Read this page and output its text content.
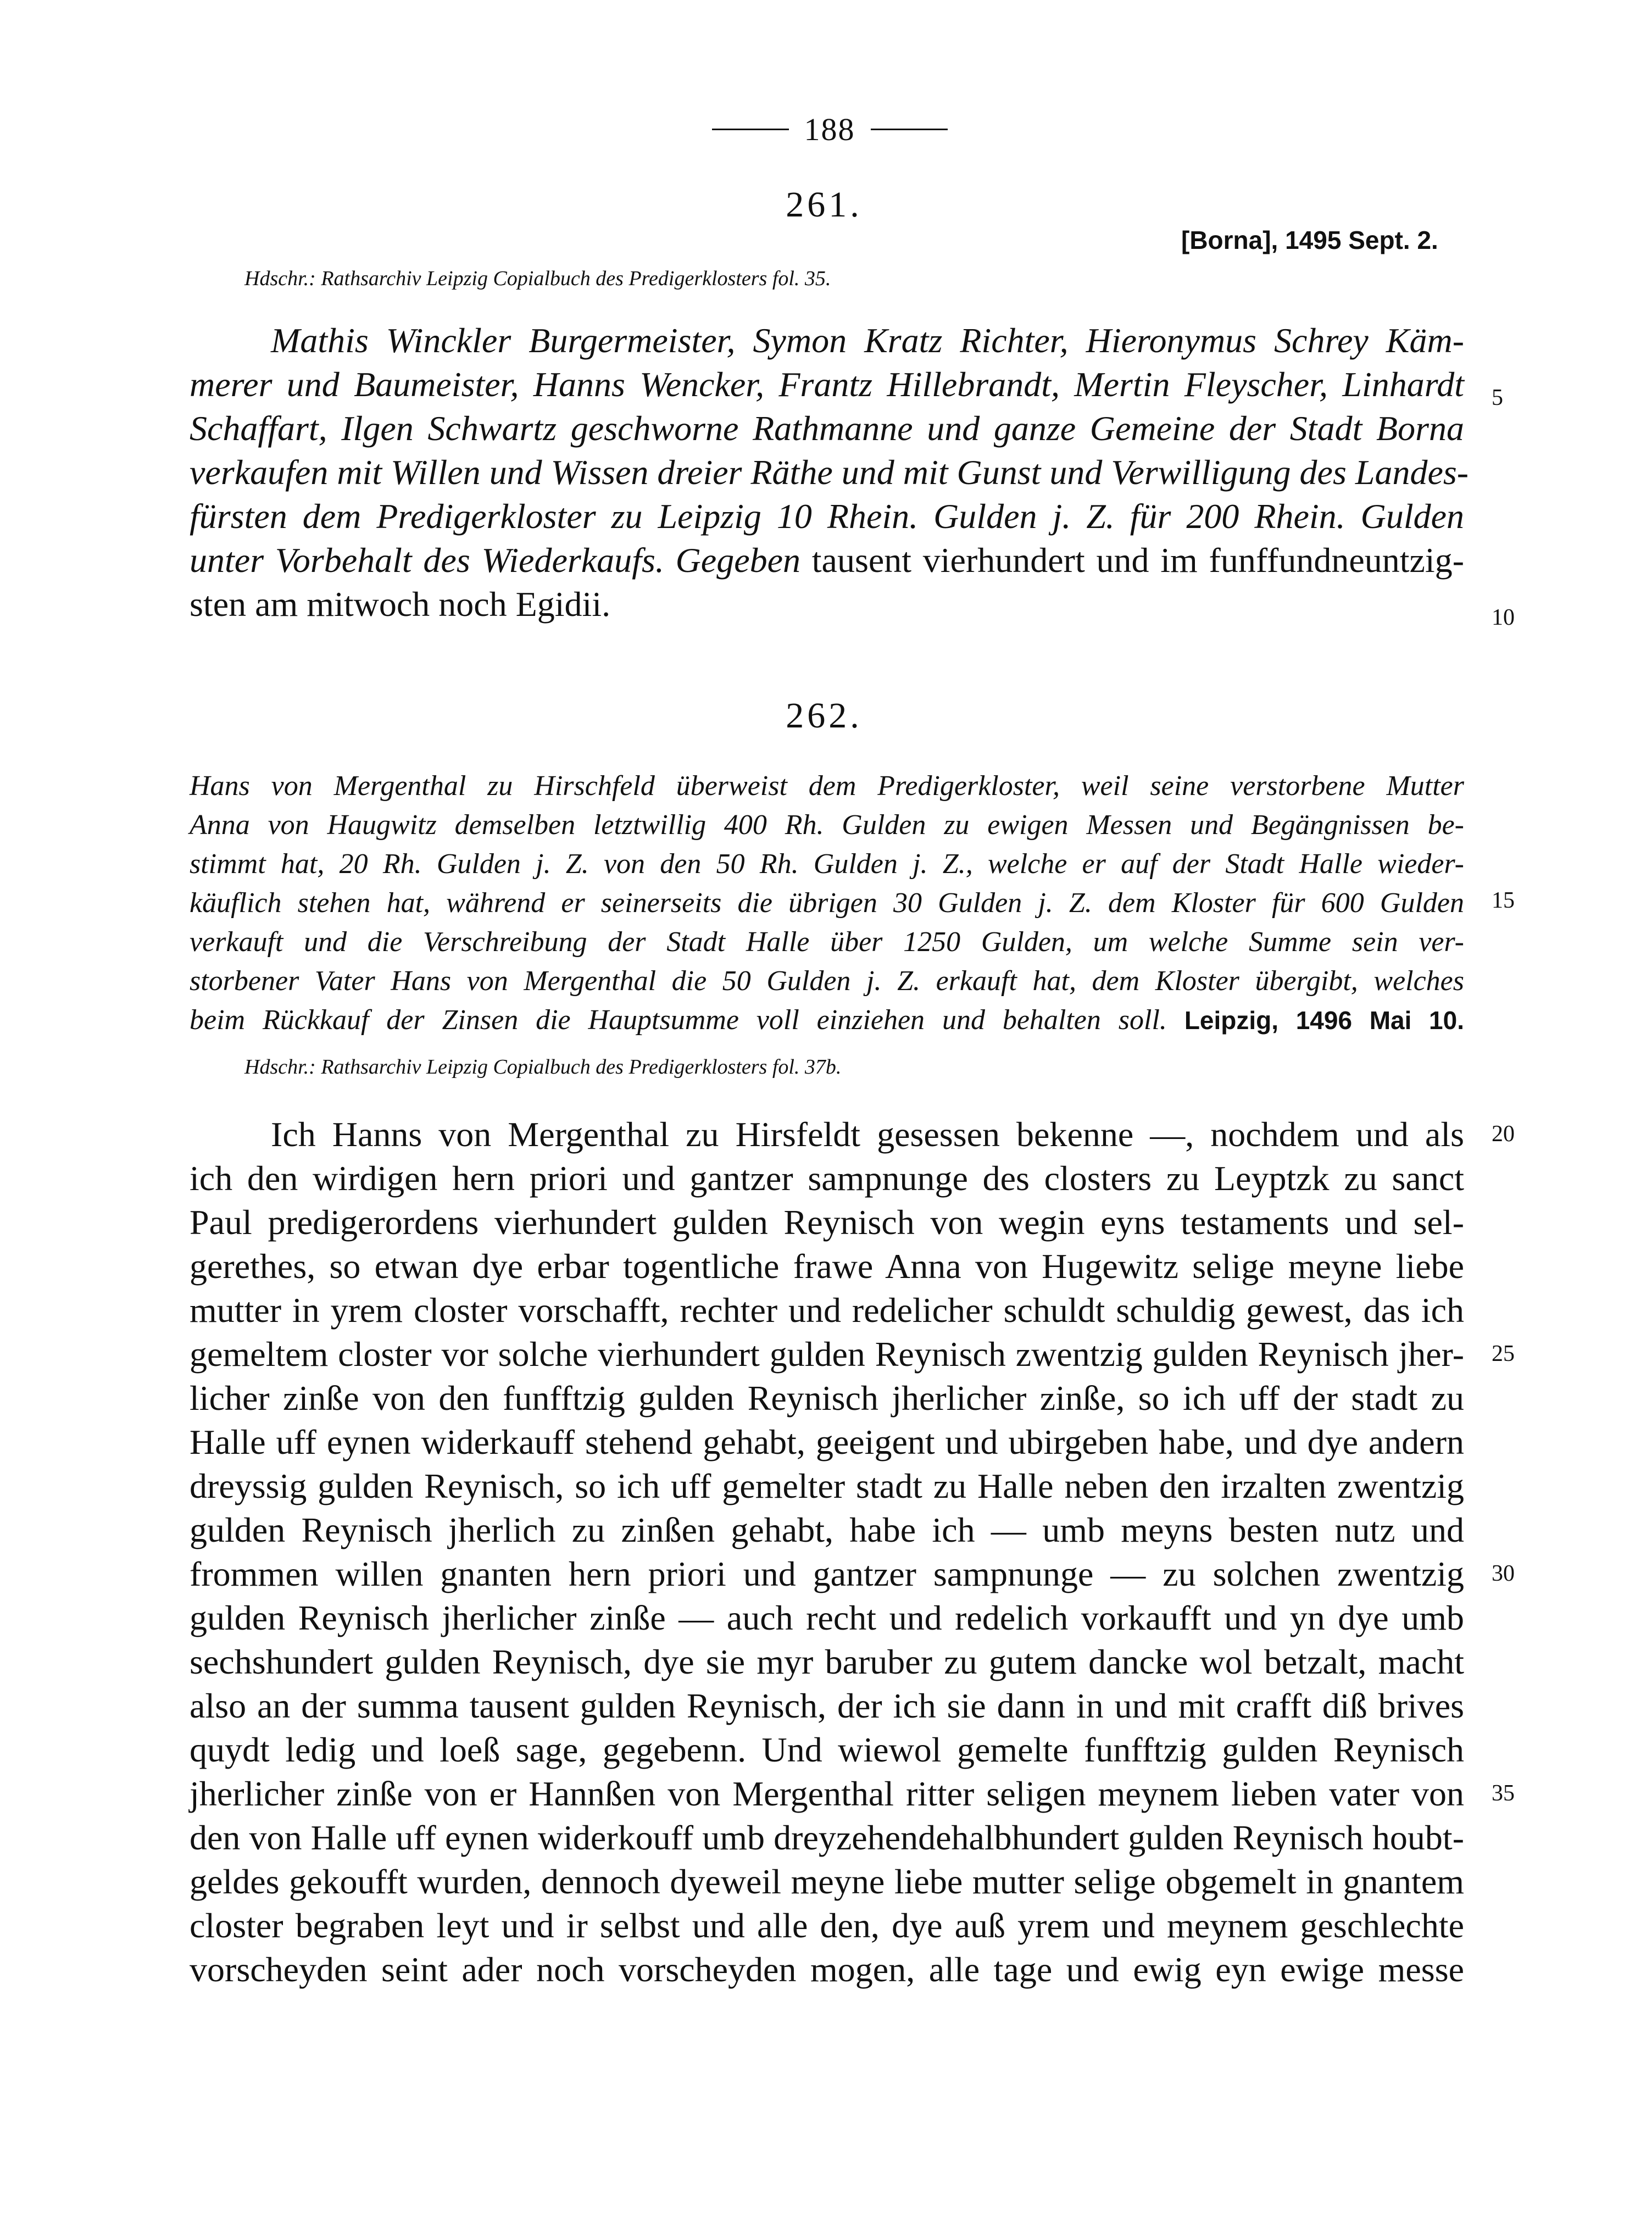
188
261.
[Borna], 1495 Sept. 2.
Hdschr.: Rathsarchiv Leipzig Copialbuch des Predigerklosters fol. 35.
Mathis Winckler Burgermeister, Symon Kratz Richter, Hieronymus Schrey Käm-
merer und Baumeister, Hanns Wencker, Frantz Hillebrandt, Mertin Fleyscher, Linhardt
Schaffart, Ilgen Schwartz geschworne Rathmanne und ganze Gemeine der Stadt Borna
verkaufen mit Willen und Wissen dreier Räthe und mit Gunst und Verwilligung des Landes-
fürsten dem Predigerkloster zu Leipzig 10 Rhein. Gulden j. Z. für 200 Rhein. Gulden
unter Vorbehalt des Wiederkaufs. Gegeben tausent vierhundert und im funffundneuntzig-
sten am mitwoch noch Egidii.
5
10
262.
Hans von Mergenthal zu Hirschfeld überweist dem Predigerkloster, weil seine verstorbene Mutter
Anna von Haugwitz demselben letztwillig 400 Rh. Gulden zu ewigen Messen und Begängnissen be-
stimmt hat, 20 Rh. Gulden j. Z. von den 50 Rh. Gulden j. Z., welche er auf der Stadt Halle wieder-
käuflich stehen hat, während er seinerseits die übrigen 30 Gulden j. Z. dem Kloster für 600 Gulden
verkauft und die Verschreibung der Stadt Halle über 1250 Gulden, um welche Summe sein ver-
storbener Vater Hans von Mergenthal die 50 Gulden j. Z. erkauft hat, dem Kloster übergibt, welches
beim Rückkauf der Zinsen die Hauptsumme voll einziehen und behalten soll. Leipzig, 1496 Mai 10.
15
Hdschr.: Rathsarchiv Leipzig Copialbuch des Predigerklosters fol. 37b.
Ich Hanns von Mergenthal zu Hirsfeldt gesessen bekenne —, nochdem und als
ich den wirdigen hern priori und gantzer sampnunge des closters zu Leyptzk zu sanct
Paul predigerordens vierhundert gulden Reynisch von wegin eyns testaments und sel-
gerethes, so etwan dye erbar togentliche frawe Anna von Hugewitz selige meyne liebe
mutter in yrem closter vorschafft, rechter und redelicher schuldt schuldig gewest, das ich
gemeltem closter vor solche vierhundert gulden Reynisch zwentzig gulden Reynisch jher-
licher zinße von den funfftzig gulden Reynisch jherlicher zinße, so ich uff der stadt zu
Halle uff eynen widerkauff stehend gehabt, geeigent und ubirgeben habe, und dye andern
dreyssig gulden Reynisch, so ich uff gemelter stadt zu Halle neben den irzalten zwentzig
gulden Reynisch jherlich zu zinßen gehabt, habe ich — umb meyns besten nutz und
frommen willen gnanten hern priori und gantzer sampnunge — zu solchen zwentzig
gulden Reynisch jherlicher zinße — auch recht und redelich vorkaufft und yn dye umb
sechshundert gulden Reynisch, dye sie myr baruber zu gutem dancke wol betzalt, macht
also an der summa tausent gulden Reynisch, der ich sie dann in und mit crafft diß brives
quydt ledig und loeß sage, gegebenn. Und wiewol gemelte funfftzig gulden Reynisch
jherlicher zinße von er Hannßen von Mergenthal ritter seligen meynem lieben vater von
den von Halle uff eynen widerkouff umb dreyzehendehalbhundert gulden Reynisch houbt-
geldes gekoufft wurden, dennoch dyeweil meyne liebe mutter selige obgemelt in gnantem
closter begraben leyt und ir selbst und alle den, dye auß yrem und meynem geschlechte
vorscheyden seint ader noch vorscheyden mogen, alle tage und ewig eyn ewige messe
20
25
30
35
